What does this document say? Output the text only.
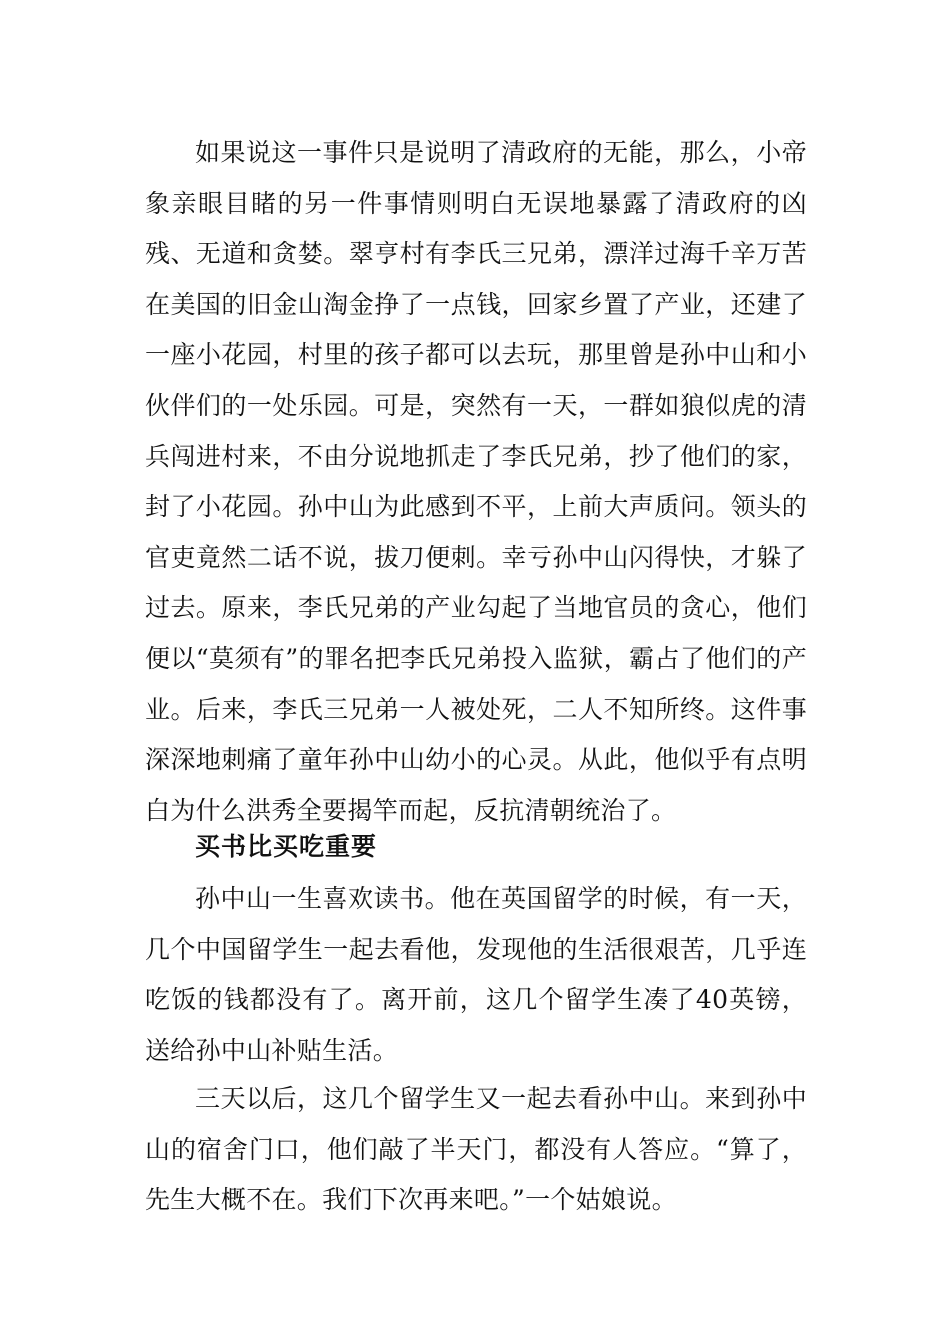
如果说这一事件只是说明了清政府的无能，那么，小帝象亲眼目睹的另一件事情则明白无误地暴露了清政府的凶残、无道和贪婪。翠亨村有李氏三兄弟，漂洋过海千辛万苦在美国的旧金山淘金挣了一点钱，回家乡置了产业，还建了一座小花园，村里的孩子都可以去玩，那里曾是孙中山和小伙伴们的一处乐园。可是，突然有一天，一群如狼似虎的清兵闯进村来，不由分说地抓走了李氏兄弟，抄了他们的家，封了小花园。孙中山为此感到不平，上前大声质问。领头的官吏竟然二话不说，拔刀便刺。幸亏孙中山闪得快，才躲了过去。原来，李氏兄弟的产业勾起了当地官员的贪心，他们便以“莫须有”的罪名把李氏兄弟投入监狱，霸占了他们的产业。后来，李氏三兄弟一人被处死，二人不知所终。这件事深深地刺痛了童年孙中山幼小的心灵。从此，他似乎有点明白为什么洪秀全要揭竿而起，反抗清朝统治了。

买书比买吃重要

孙中山一生喜欢读书。他在英国留学的时候，有一天，几个中国留学生一起去看他，发现他的生活很艰苦，几乎连吃饭的钱都没有了。离开前，这几个留学生凑了40英镑，送给孙中山补贴生活。

三天以后，这几个留学生又一起去看孙中山。来到孙中山的宿舍门口，他们敲了半天门，都没有人答应。“算了，先生大概不在。我们下次再来吧。”一个姑娘说。
